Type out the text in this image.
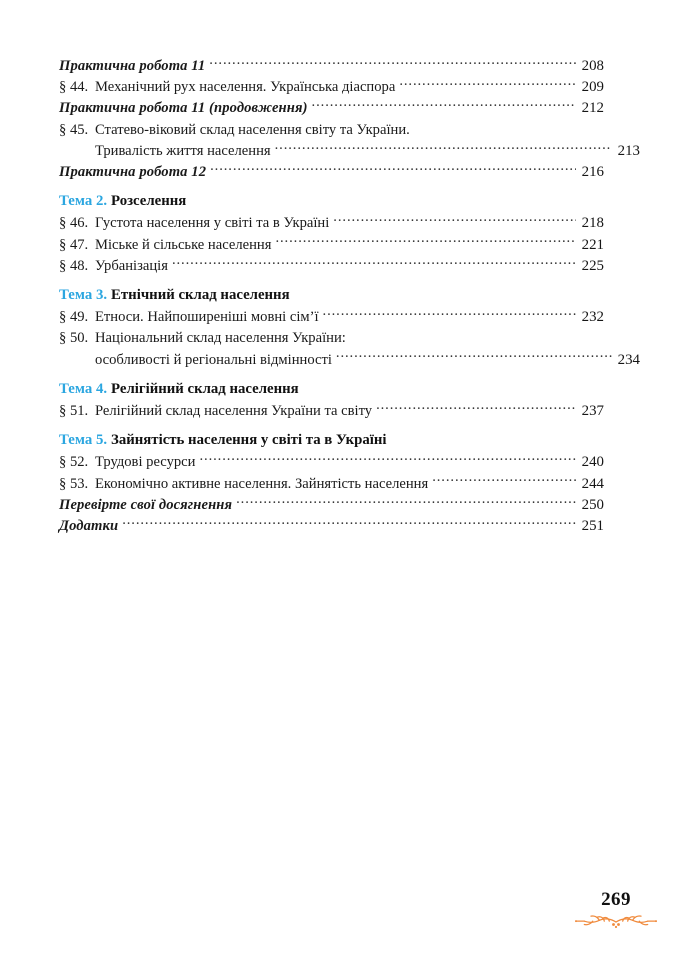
Практична робота 11 .....	208
§ 44. Механічний рух населення. Українська діаспора .....	209
Практична робота 11 (продовження) .....	212
§ 45. Статево-віковий склад населення світу та України.
Тривалість життя населення .....	213
Практична робота 12 .....	216
Тема 2. Розселення
§ 46. Густота населення у світі та в Україні .....	218
§ 47. Міське й сільське населення .....	221
§ 48. Урбанізація .....	225
Тема 3. Етнічний склад населення
§ 49. Етноси. Найпоширеніші мовні сім’ї .....	232
§ 50. Національний склад населення України:
особливості й регіональні відмінності .....	234
Тема 4. Релігійний склад населення
§ 51. Релігійний склад населення України та світу .....	237
Тема 5. Зайнятість населення у світі та в Україні
§ 52. Трудові ресурси .....	240
§ 53. Економічно активне населення. Зайнятість населення .....	244
Перевірте свої досягнення .....	250
Додатки .....	251
269
